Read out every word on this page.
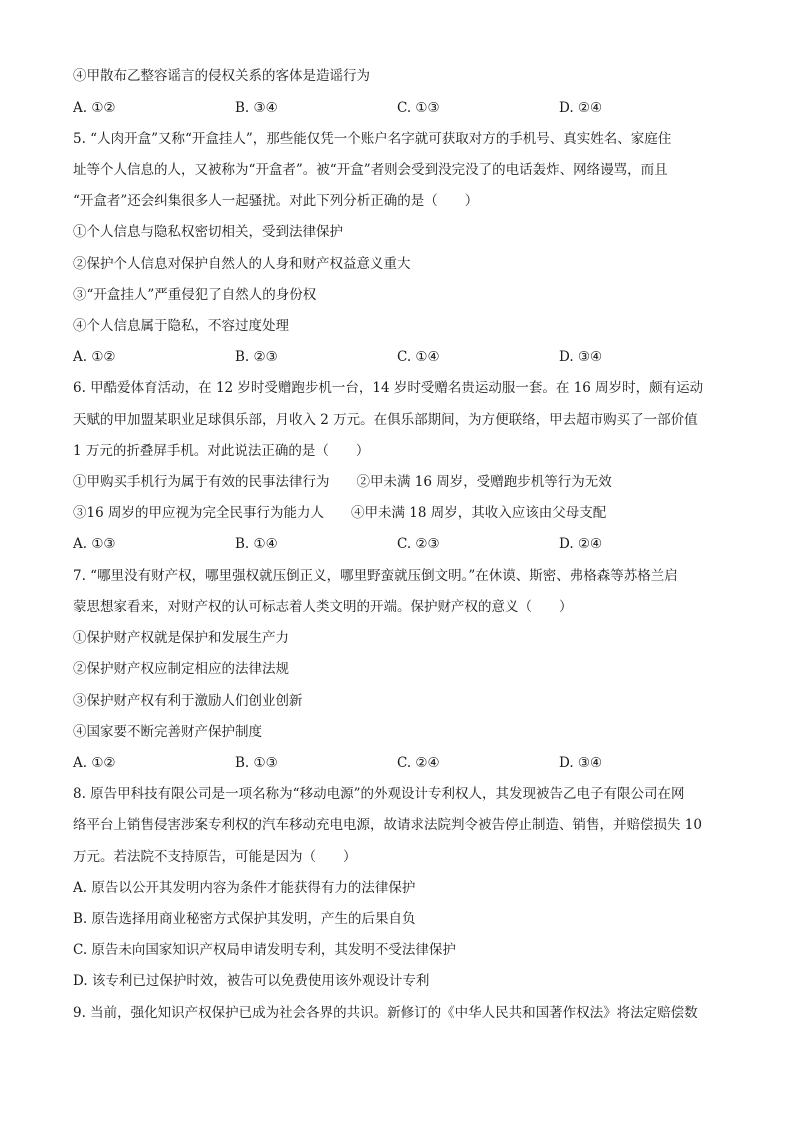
④甲散布乙整容谣言的侵权关系的客体是造谣行为
A. ①②	B. ③④	C. ①③	D. ②④
5. “人肉开盒”又称“开盒挂人”，那些能仅凭一个账户名字就可获取对方的手机号、真实姓名、家庭住
址等个人信息的人，又被称为“开盒者”。被“开盒”者则会受到没完没了的电话轰炸、网络谩骂，而且
“开盒者”还会纠集很多人一起骚扰。对此下列分析正确的是（　　）
①个人信息与隐私权密切相关，受到法律保护
②保护个人信息对保护自然人的人身和财产权益意义重大
③“开盒挂人”严重侵犯了自然人的身份权
④个人信息属于隐私，不容过度处理
A. ①②	B. ②③	C. ①④	D. ③④
6. 甲酷爱体育活动，在 12 岁时受赠跑步机一台，14 岁时受赠名贵运动服一套。在 16 周岁时，颇有运动
天赋的甲加盟某职业足球俱乐部，月收入 2 万元。在俱乐部期间，为方便联络，甲去超市购买了一部价值
1 万元的折叠屏手机。对此说法正确的是（　　）
①甲购买手机行为属于有效的民事法律行为　　②甲未满 16 周岁，受赠跑步机等行为无效
③16 周岁的甲应视为完全民事行为能力人　　④甲未满 18 周岁，其收入应该由父母支配
A. ①③	B. ①④	C. ②③	D. ②④
7. “哪里没有财产权，哪里强权就压倒正义，哪里野蛮就压倒文明。”在休谟、斯密、弗格森等苏格兰启
蒙思想家看来，对财产权的认可标志着人类文明的开端。保护财产权的意义（　　）
①保护财产权就是保护和发展生产力
②保护财产权应制定相应的法律法规
③保护财产权有利于激励人们创业创新
④国家要不断完善财产保护制度
A. ①②	B. ①③	C. ②④	D. ③④
8. 原告甲科技有限公司是一项名称为“移动电源”的外观设计专利权人，其发现被告乙电子有限公司在网
络平台上销售侵害涉案专利权的汽车移动充电电源，故请求法院判令被告停止制造、销售，并赔偿损失 10
万元。若法院不支持原告，可能是因为（　　）
A. 原告以公开其发明内容为条件才能获得有力的法律保护
B. 原告选择用商业秘密方式保护其发明，产生的后果自负
C. 原告未向国家知识产权局申请发明专利，其发明不受法律保护
D. 该专利已过保护时效，被告可以免费使用该外观设计专利
9. 当前，强化知识产权保护已成为社会各界的共识。新修订的《中华人民共和国著作权法》将法定赔偿数
